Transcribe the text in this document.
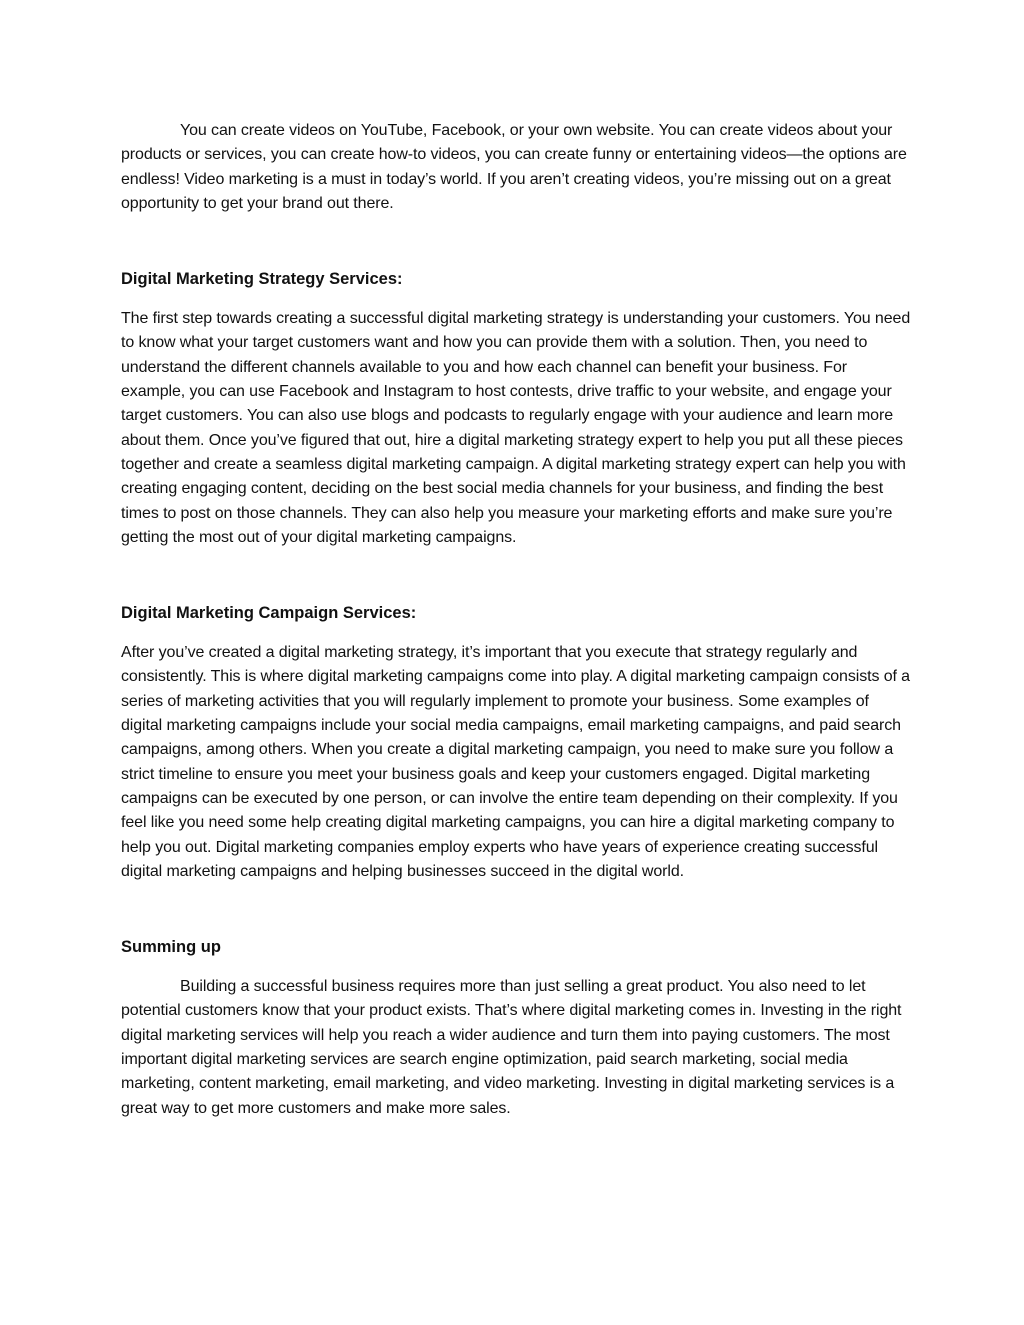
You can create videos on YouTube, Facebook, or your own website. You can create videos about your products or services, you can create how-to videos, you can create funny or entertaining videos—the options are endless! Video marketing is a must in today’s world. If you aren’t creating videos, you’re missing out on a great opportunity to get your brand out there.

Digital Marketing Strategy Services:

The first step towards creating a successful digital marketing strategy is understanding your customers. You need to know what your target customers want and how you can provide them with a solution. Then, you need to understand the different channels available to you and how each channel can benefit your business. For example, you can use Facebook and Instagram to host contests, drive traffic to your website, and engage your target customers. You can also use blogs and podcasts to regularly engage with your audience and learn more about them. Once you’ve figured that out, hire a digital marketing strategy expert to help you put all these pieces together and create a seamless digital marketing campaign. A digital marketing strategy expert can help you with creating engaging content, deciding on the best social media channels for your business, and finding the best times to post on those channels. They can also help you measure your marketing efforts and make sure you’re getting the most out of your digital marketing campaigns.

Digital Marketing Campaign Services:

After you’ve created a digital marketing strategy, it’s important that you execute that strategy regularly and consistently. This is where digital marketing campaigns come into play. A digital marketing campaign consists of a series of marketing activities that you will regularly implement to promote your business. Some examples of digital marketing campaigns include your social media campaigns, email marketing campaigns, and paid search campaigns, among others. When you create a digital marketing campaign, you need to make sure you follow a strict timeline to ensure you meet your business goals and keep your customers engaged. Digital marketing campaigns can be executed by one person, or can involve the entire team depending on their complexity. If you feel like you need some help creating digital marketing campaigns, you can hire a digital marketing company to help you out. Digital marketing companies employ experts who have years of experience creating successful digital marketing campaigns and helping businesses succeed in the digital world.

Summing up

Building a successful business requires more than just selling a great product. You also need to let potential customers know that your product exists. That’s where digital marketing comes in. Investing in the right digital marketing services will help you reach a wider audience and turn them into paying customers. The most important digital marketing services are search engine optimization, paid search marketing, social media marketing, content marketing, email marketing, and video marketing. Investing in digital marketing services is a great way to get more customers and make more sales.
